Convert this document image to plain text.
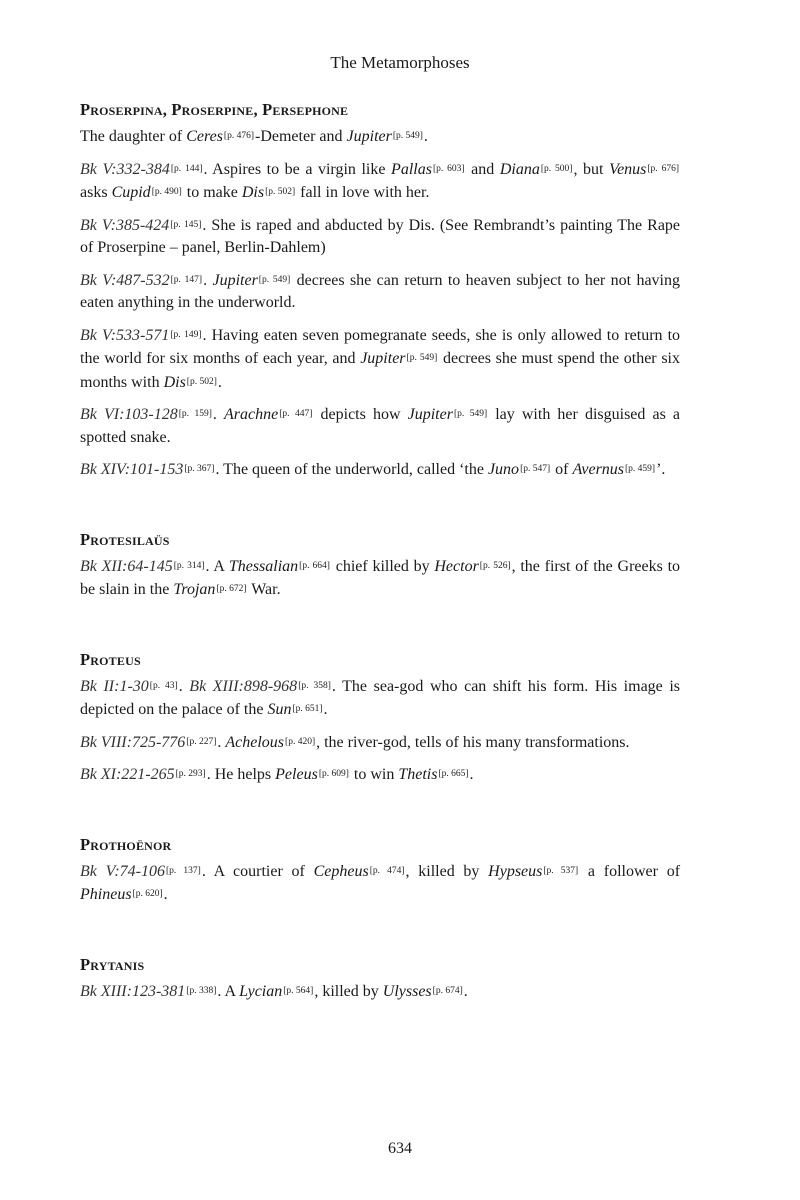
The Metamorphoses
Proserpina, Proserpine, Persephone
The daughter of Ceres[p. 476]-Demeter and Jupiter[p. 549].
Bk V:332-384[p. 144]. Aspires to be a virgin like Pallas[p. 603] and Diana[p. 500], but Venus[p. 676] asks Cupid[p. 490] to make Dis[p. 502] fall in love with her.
Bk V:385-424[p. 145]. She is raped and abducted by Dis. (See Rembrandt’s painting The Rape of Proserpine – panel, Berlin-Dahlem)
Bk V:487-532[p. 147]. Jupiter[p. 549] decrees she can return to heaven subject to her not having eaten anything in the underworld.
Bk V:533-571[p. 149]. Having eaten seven pomegranate seeds, she is only allowed to return to the world for six months of each year, and Jupiter[p. 549] decrees she must spend the other six months with Dis[p. 502].
Bk VI:103-128[p. 159]. Arachne[p. 447] depicts how Jupiter[p. 549] lay with her disguised as a spotted snake.
Bk XIV:101-153[p. 367]. The queen of the underworld, called ‘the Juno[p. 547] of Avernus[p. 459]’.
Protesilaüs
Bk XII:64-145[p. 314]. A Thessalian[p. 664] chief killed by Hector[p. 526], the first of the Greeks to be slain in the Trojan[p. 672] War.
Proteus
Bk II:1-30[p. 43]. Bk XIII:898-968[p. 358]. The sea-god who can shift his form. His image is depicted on the palace of the Sun[p. 651].
Bk VIII:725-776[p. 227]. Achelous[p. 420], the river-god, tells of his many transformations.
Bk XI:221-265[p. 293]. He helps Peleus[p. 609] to win Thetis[p. 665].
Prothoënor
Bk V:74-106[p. 137]. A courtier of Cepheus[p. 474], killed by Hypseus[p. 537] a follower of Phineus[p. 620].
Prytanis
Bk XIII:123-381[p. 338]. A Lycian[p. 564], killed by Ulysses[p. 674].
634
